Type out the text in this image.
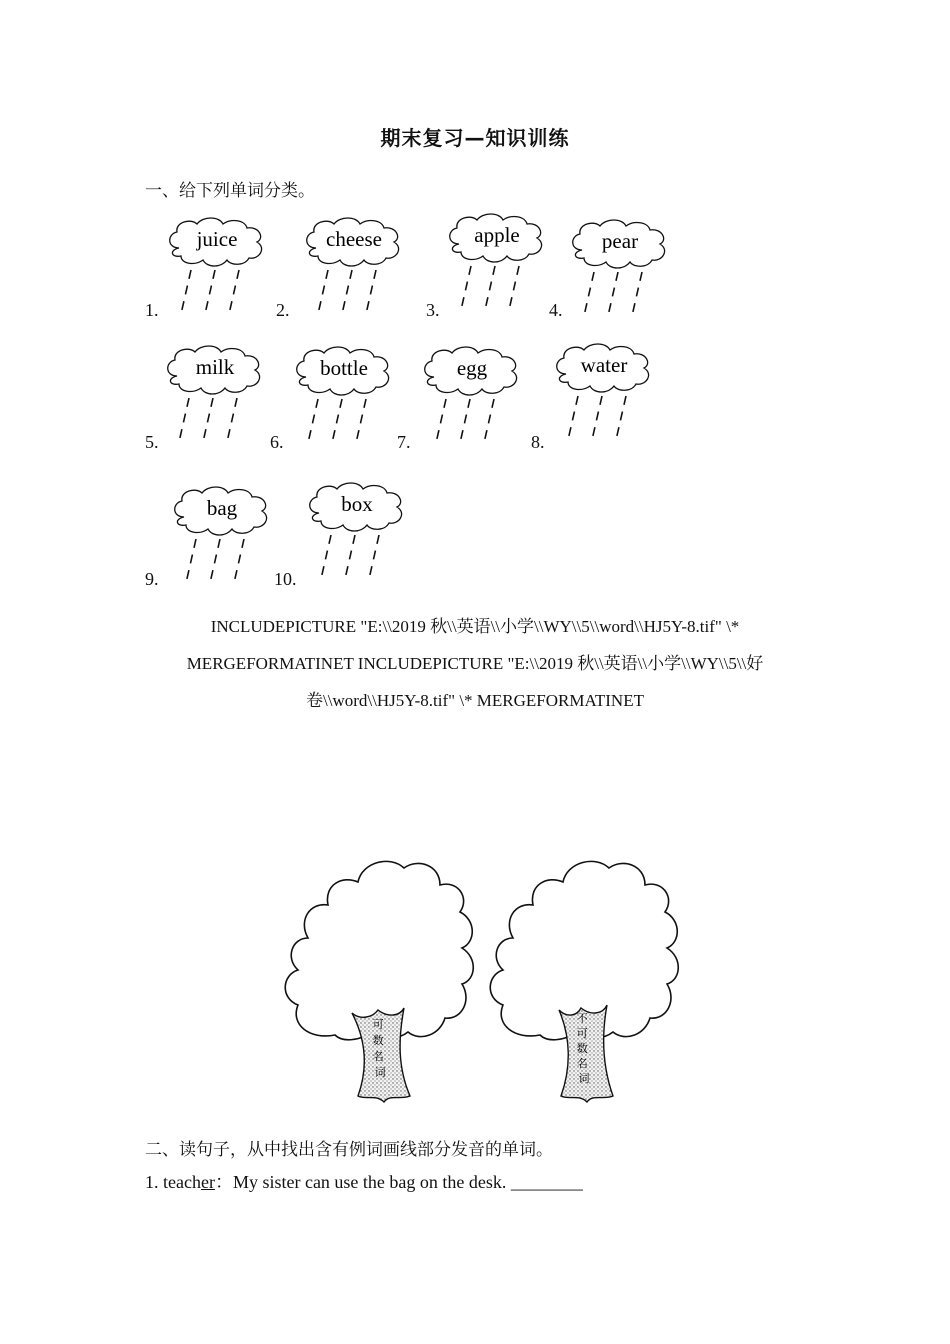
期末复习—知识训练
一、给下列单词分类。
1.
juice
2.
cheese
3.
apple
4.
pear
5.
milk
6.
bottle
7.
egg
8.
water
9.
bag
10.
box
INCLUDEPICTURE "E:\\2019 秋\\英语\\小学\\WY\\5\\word\\HJ5Y-8.tif" \*
MERGEFORMATINET INCLUDEPICTURE "E:\\2019 秋\\英语\\小学\\WY\\5\\好
卷\\word\\HJ5Y-8.tif" \* MERGEFORMATINET
可 数 名 词
不 可 数 名 词
二、读句子，从中找出含有例词画线部分发音的单词。
1. teacher：My sister can use the bag on the desk. ________
